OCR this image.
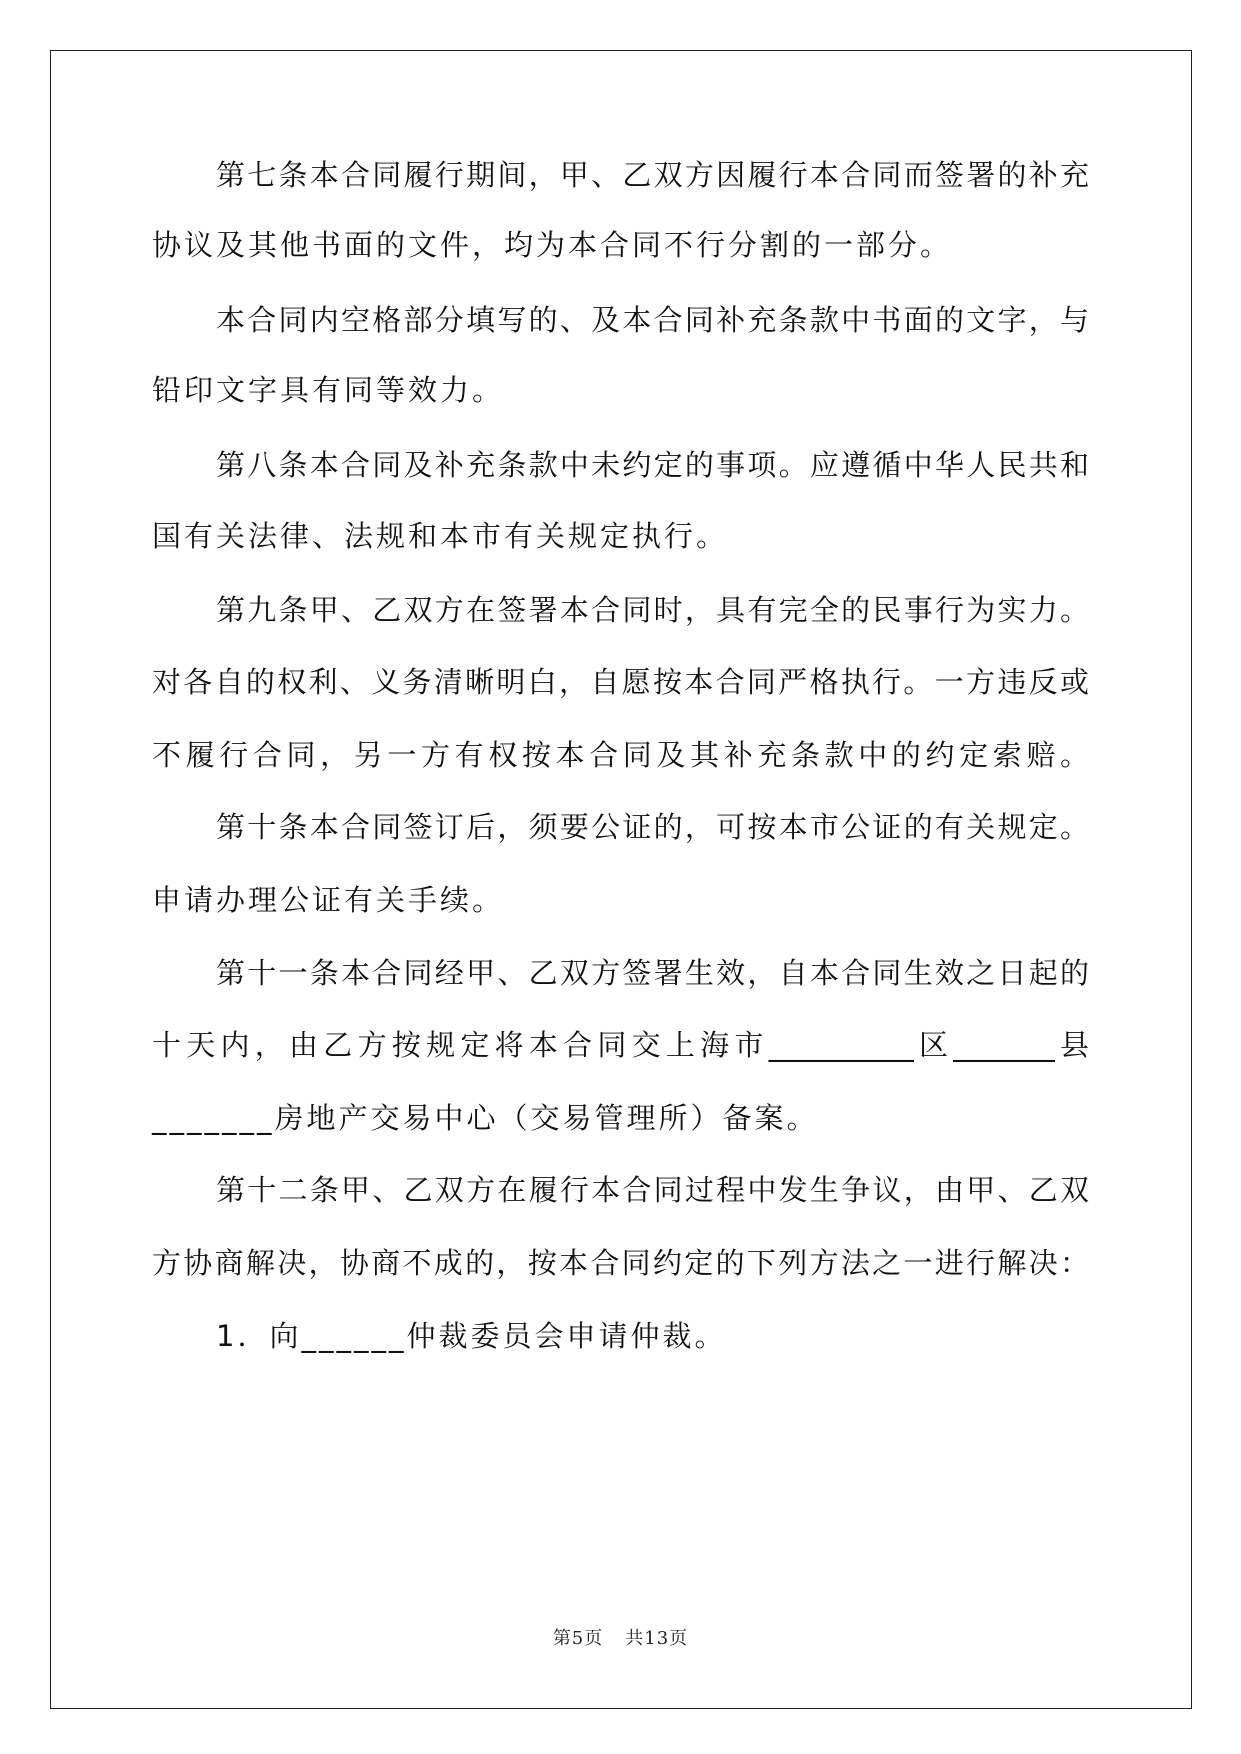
第七条本合同履行期间，甲、乙双方因履行本合同而签署的补充
协议及其他书面的文件，均为本合同不行分割的一部分。
本合同内空格部分填写的、及本合同补充条款中书面的文字，与
铅印文字具有同等效力。
第八条本合同及补充条款中未约定的事项。应遵循中华人民共和
国有关法律、法规和本市有关规定执行。
第九条甲、乙双方在签署本合同时，具有完全的民事行为实力。
对各自的权利、义务清晰明白，自愿按本合同严格执行。一方违反或
不履行合同，另一方有权按本合同及其补充条款中的约定索赔。
第十条本合同签订后，须要公证的，可按本市公证的有关规定。
申请办理公证有关手续。
第十一条本合同经甲、乙双方签署生效，自本合同生效之日起的
十天内，由乙方按规定将本合同交上海市__________区_______县
_______房地产交易中心（交易管理所）备案。
第十二条甲、乙双方在履行本合同过程中发生争议，由甲、乙双
方协商解决，协商不成的，按本合同约定的下列方法之一进行解决：
1．向______仲裁委员会申请仲裁。
第5页 共13页
